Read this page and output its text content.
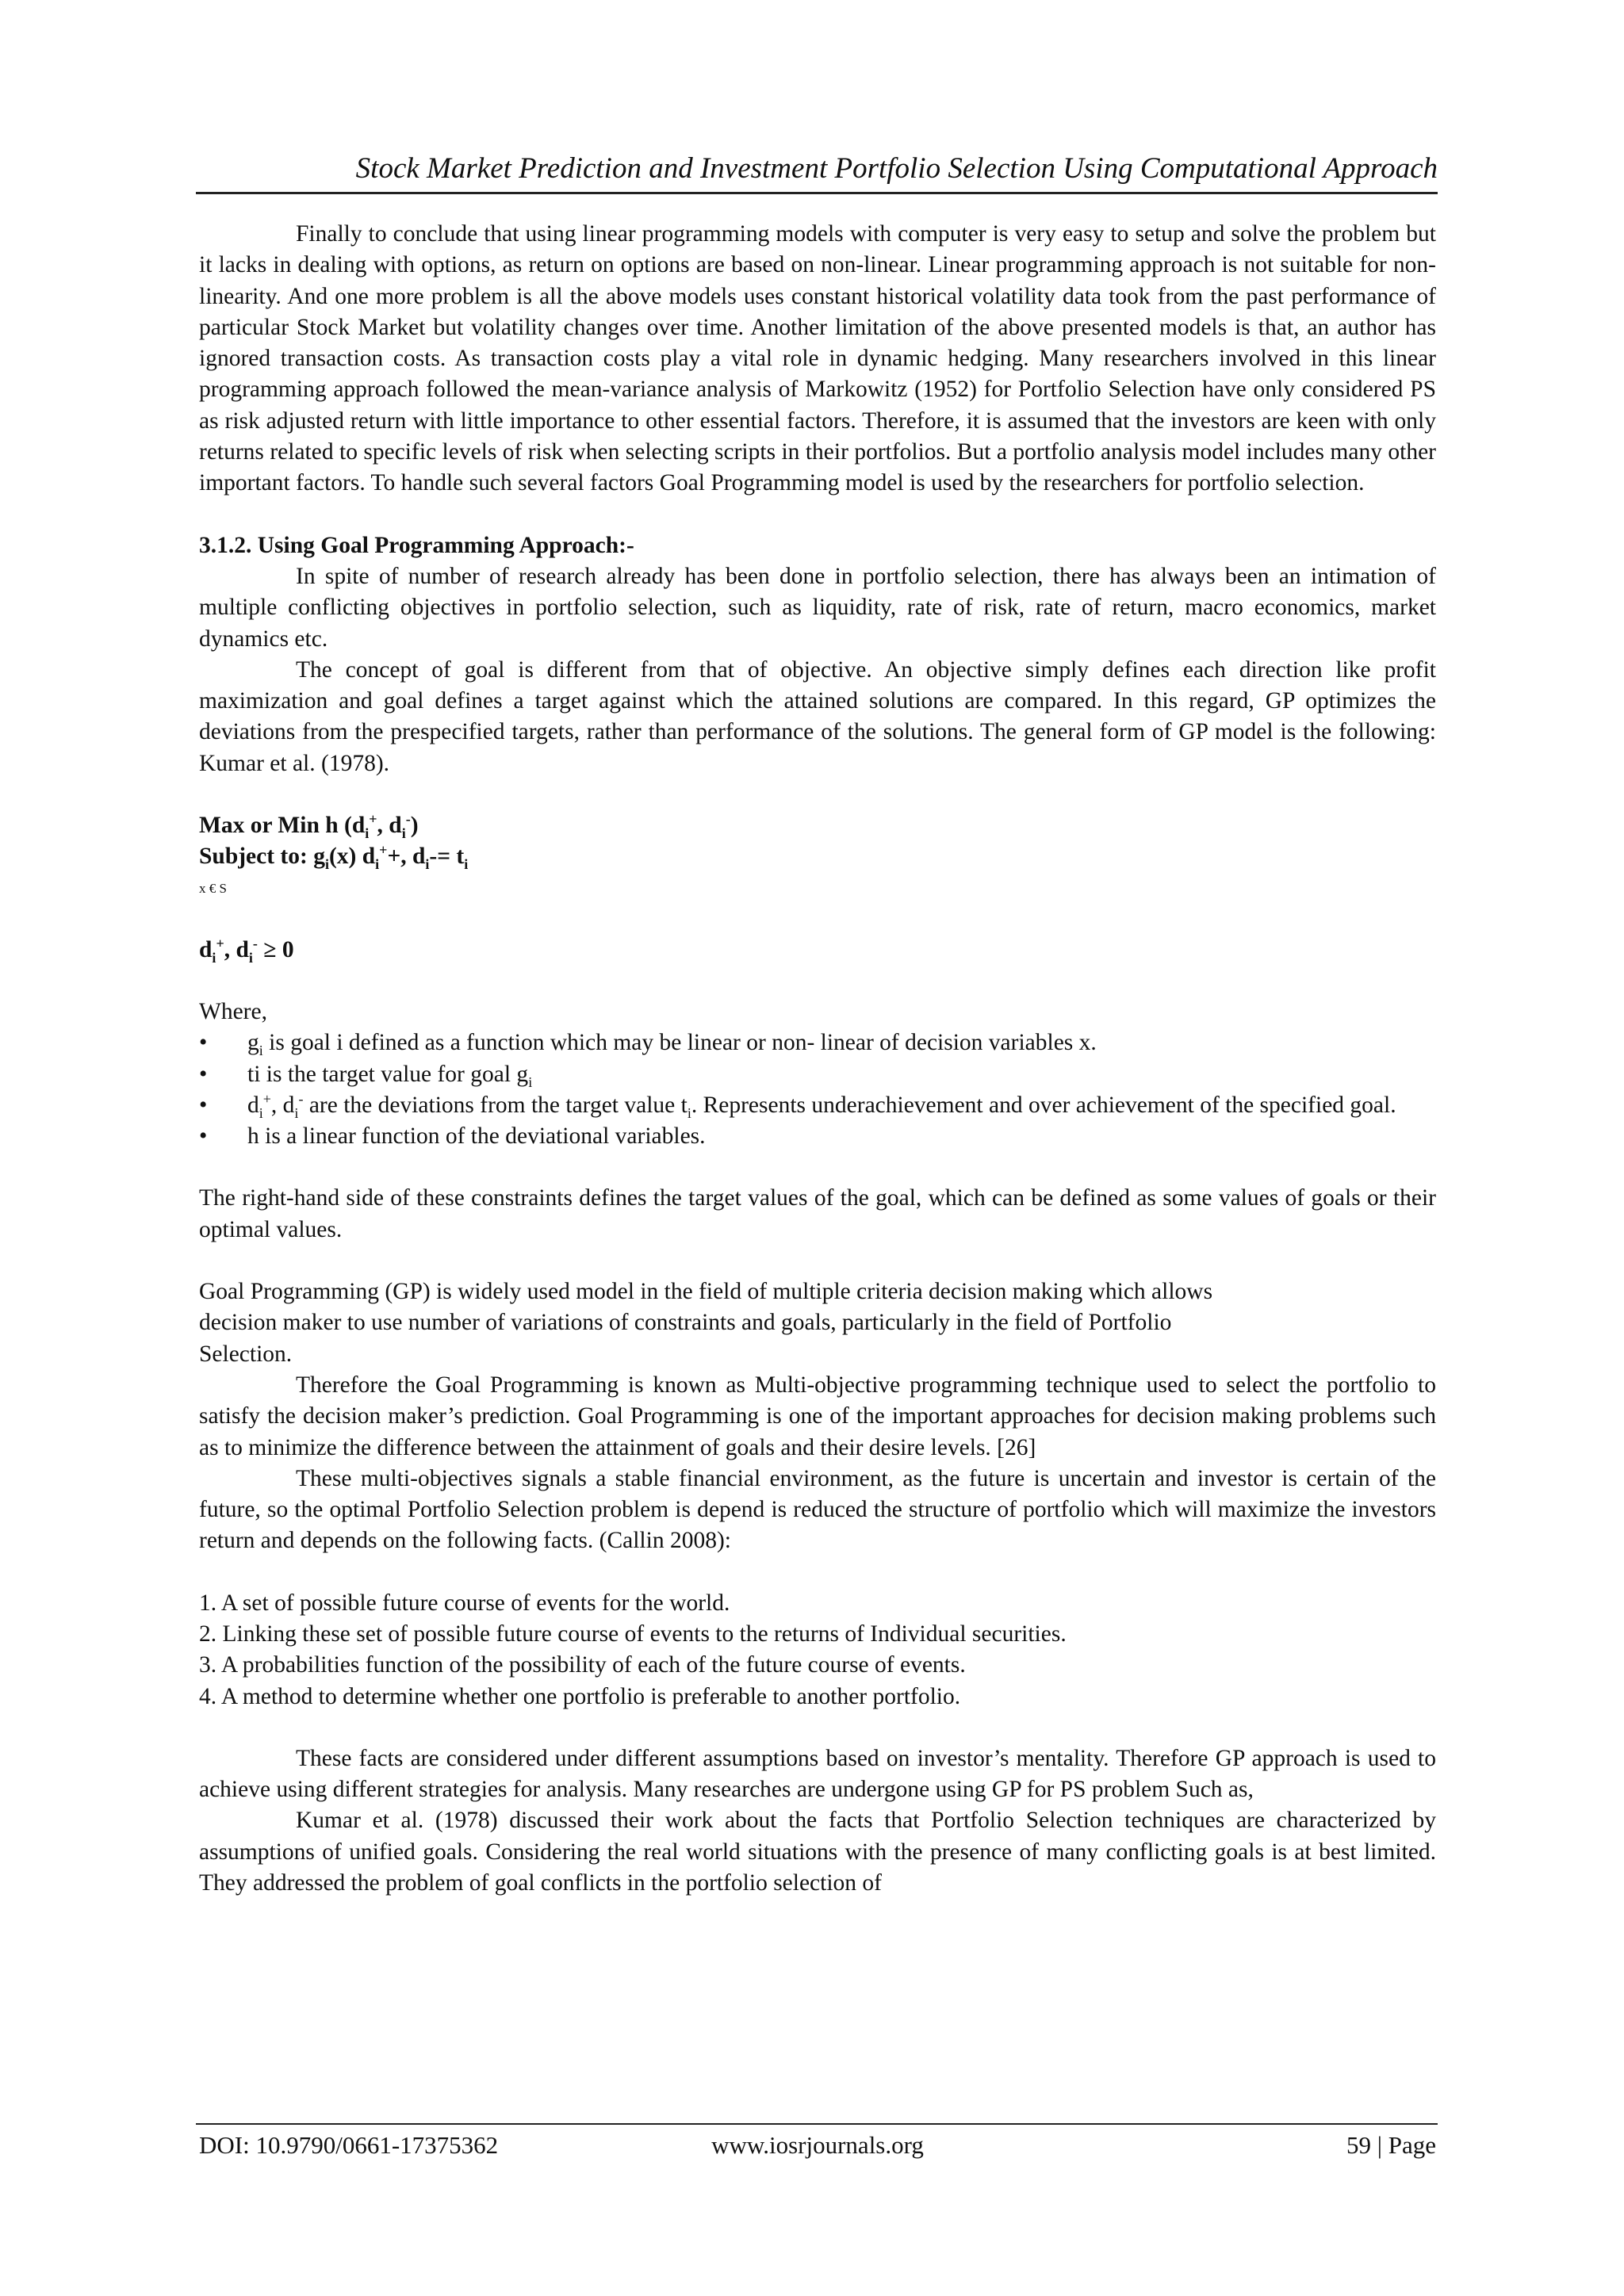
Stock Market Prediction and Investment Portfolio Selection Using Computational Approach

Finally to conclude that using linear programming models with computer is very easy to setup and solve the problem but it lacks in dealing with options, as return on options are based on non-linear. Linear programming approach is not suitable for non-linearity. And one more problem is all the above models uses constant historical volatility data took from the past performance of particular Stock Market but volatility changes over time. Another limitation of the above presented models is that, an author has ignored transaction costs. As transaction costs play a vital role in dynamic hedging. Many researchers involved in this linear programming approach followed the mean-variance analysis of Markowitz (1952) for Portfolio Selection have only considered PS as risk adjusted return with little importance to other essential factors. Therefore, it is assumed that the investors are keen with only returns related to specific levels of risk when selecting scripts in their portfolios. But a portfolio analysis model includes many other important factors. To handle such several factors Goal Programming model is used by the researchers for portfolio selection.

3.1.2. Using Goal Programming Approach:-

In spite of number of research already has been done in portfolio selection, there has always been an intimation of multiple conflicting objectives in portfolio selection, such as liquidity, rate of risk, rate of return, macro economics, market dynamics etc.

The concept of goal is different from that of objective. An objective simply defines each direction like profit maximization and goal defines a target against which the attained solutions are compared. In this regard, GP optimizes the deviations from the prespecified targets, rather than performance of the solutions. The general form of GP model is the following: Kumar et al. (1978).

Max or Min h ($d_i^+$, $d_i^-$)

Subject to: $g_i(x)$ $d_i^++$, $d_i-= t_i$

x € S

$d_i^+$, $d_i^- \ge 0$

Where,

• $g_i$ is goal i defined as a function which may be linear or non- linear of decision variables x.
• ti is the target value for goal $g_i$
• $d_i^+$, $d_i^-$ are the deviations from the target value $t_i$. Represents underachievement and over achievement of the specified goal.
• h is a linear function of the deviational variables.

The right-hand side of these constraints defines the target values of the goal, which can be defined as some values of goals or their optimal values.

Goal Programming (GP) is widely used model in the field of multiple criteria decision making which allows

decision maker to use number of variations of constraints and goals, particularly in the field of Portfolio

Selection.

Therefore the Goal Programming is known as Multi-objective programming technique used to select the portfolio to satisfy the decision maker’s prediction. Goal Programming is one of the important approaches for decision making problems such as to minimize the difference between the attainment of goals and their desire levels. [26]

These multi-objectives signals a stable financial environment, as the future is uncertain and investor is certain of the future, so the optimal Portfolio Selection problem is depend is reduced the structure of portfolio which will maximize the investors return and depends on the following facts. (Callin 2008):

1. A set of possible future course of events for the world.
2. Linking these set of possible future course of events to the returns of Individual securities.
3. A probabilities function of the possibility of each of the future course of events.
4. A method to determine whether one portfolio is preferable to another portfolio.

These facts are considered under different assumptions based on investor’s mentality. Therefore GP approach is used to achieve using different strategies for analysis. Many researches are undergone using GP for PS problem Such as,

Kumar et al. (1978) discussed their work about the facts that Portfolio Selection techniques are characterized by assumptions of unified goals. Considering the real world situations with the presence of many conflicting goals is at best limited. They addressed the problem of goal conflicts in the portfolio selection of

DOI: 10.9790/0661-17375362	www.iosrjournals.org	59 | Page
